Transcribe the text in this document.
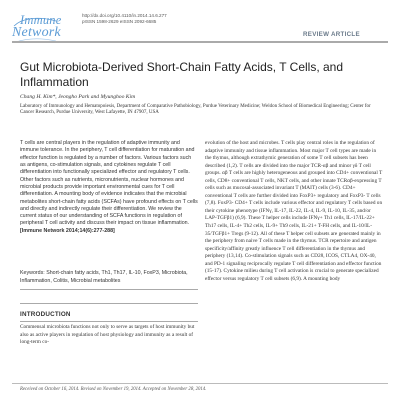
Immune
Network
http://dx.doi.org/10.4110/in.2014.14.6.277
pISSN 1598-2629 eISSN 2092-6685
REVIEW ARTICLE
Gut Microbiota-Derived Short-Chain Fatty Acids, T Cells, and Inflammation
Chang H. Kim*, Jeongho Park and Myunghoo Kim
Laboratory of Immunology and Hematopoiesis, Department of Comparative Pathobiology, Purdue Veterinary Medicine; Weldon School of Biomedical Engineering; Center for Cancer Research, Purdue University, West Lafayette, IN 47907, USA
T cells are central players in the regulation of adaptive immunity and immune tolerance. In the periphery, T cell differentiation for maturation and effector function is regulated by a number of factors. Various factors such as antigens, co-stimulation signals, and cytokines regulate T cell differentiation into functionally specialized effector and regulatory T cells. Other factors such as nutrients, micronutrients, nuclear hormones and microbial products provide important environmental cues for T cell differentiation. A mounting body of evidence indicates that the microbial metabolites short-chain fatty acids (SCFAs) have profound effects on T cells and directly and indirectly regulate their differentiation. We review the current status of our understanding of SCFA functions in regulation of peripheral T cell activity and discuss their impact on tissue inflammation. [Immune Network 2014;14(6):277-288]
Keywords: Short-chain fatty acids, Th1, Th17, IL-10, FoxP3, Microbiota, Inflammation, Colitis, Microbial metabolites
INTRODUCTION
Commensal microbiota functions not only to serve as targets of host immunity but also as active players in regulation of host physiology and immunity as a result of long-term co-
evolution of the host and microbes. T cells play central roles in the regulation of adaptive immunity and tissue inflammation. Most major T cell types are made in the thymus, although extrathymic generation of some T cell subsets has been described (1,2). T cells are divided into the major TCR-αβ and minor γδ T cell groups. αβ T cells are highly heterogeneous and grouped into CD4+ conventional T cells, CD8+ conventional T cells, NKT cells, and other innate TCRαβ-expressing T cells such as mucosal-associated invariant T (MAIT) cells (3-6). CD4+ conventional T cells are further divided into FoxP3+ regulatory and FoxP3- T cells (7,8). FoxP3- CD4+ T cells include various effector and regulatory T cells based on their cytokine phenotype (IFNγ, IL-17, IL-22, IL-4, IL-9, IL-10, IL-35, and/or LAP-TGFβ1) (6,9). These T helper cells include IFNγ+ Th1 cells, IL-17/IL-22+ Th17 cells, IL-4+ Th2 cells, IL-9+ Th9 cells, IL-21+ T-FH cells, and IL-10/IL-35/TGFβ1+ Tregs (9-12). All of these T helper cell subsets are generated mainly in the periphery from naive T cells made in the thymus. TCR repertoire and antigen specificity/affinity greatly influence T cell differentiation in the thymus and periphery (13,14). Co-stimulation signals such as CD28, ICOS, CTLA4, OX-40, and PD-1 signaling reciprocally regulate T cell differentiation and effector function (15-17). Cytokine milieu during T cell activation is crucial to generate specialized effector versus regulatory T cell subsets (6,9). A mounting body
Received on October 16, 2014. Revised on November 19, 2014. Accepted on November 28, 2014.
